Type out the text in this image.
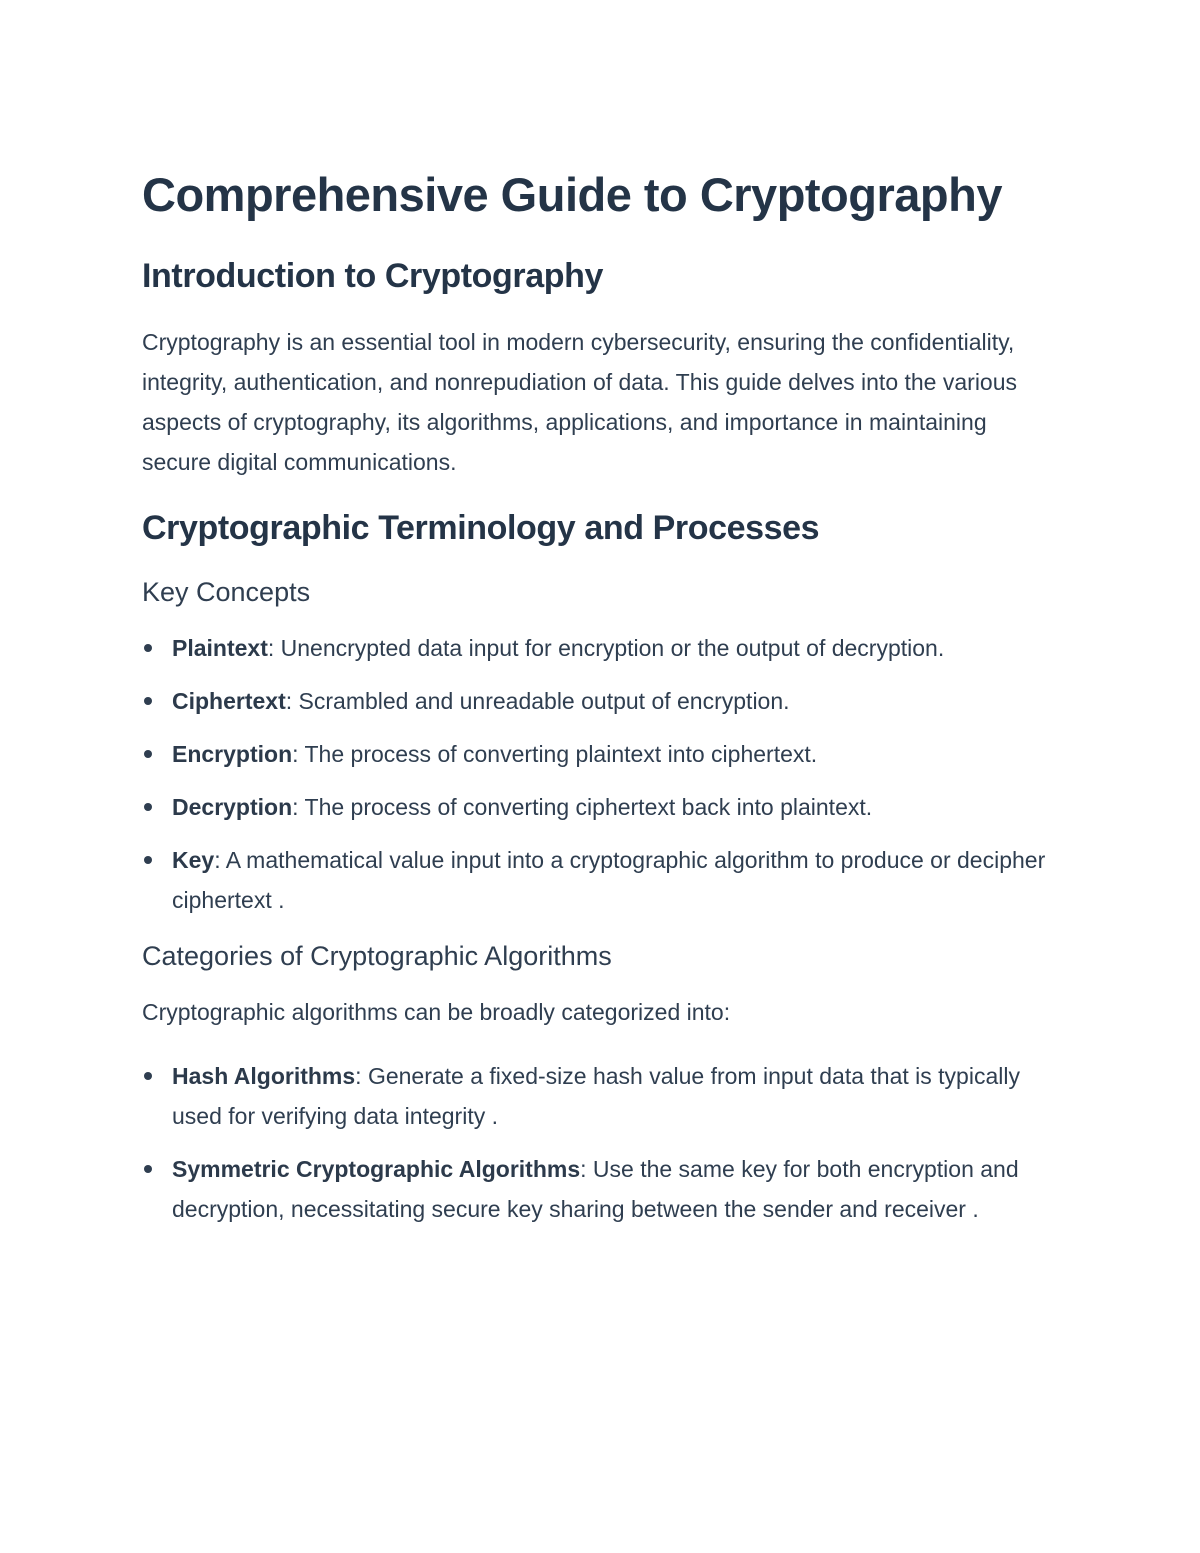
Comprehensive Guide to Cryptography
Introduction to Cryptography

Cryptography is an essential tool in modern cybersecurity, ensuring the confidentiality, integrity, authentication, and nonrepudiation of data. This guide delves into the various aspects of cryptography, its algorithms, applications, and importance in maintaining secure digital communications.

Cryptographic Terminology and Processes
Key Concepts
Plaintext: Unencrypted data input for encryption or the output of decryption.
Ciphertext: Scrambled and unreadable output of encryption.
Encryption: The process of converting plaintext into ciphertext.
Decryption: The process of converting ciphertext back into plaintext.
Key: A mathematical value input into a cryptographic algorithm to produce or decipher ciphertext .
Categories of Cryptographic Algorithms

Cryptographic algorithms can be broadly categorized into:

Hash Algorithms: Generate a fixed-size hash value from input data that is typically used for verifying data integrity .
Symmetric Cryptographic Algorithms: Use the same key for both encryption and decryption, necessitating secure key sharing between the sender and receiver .
